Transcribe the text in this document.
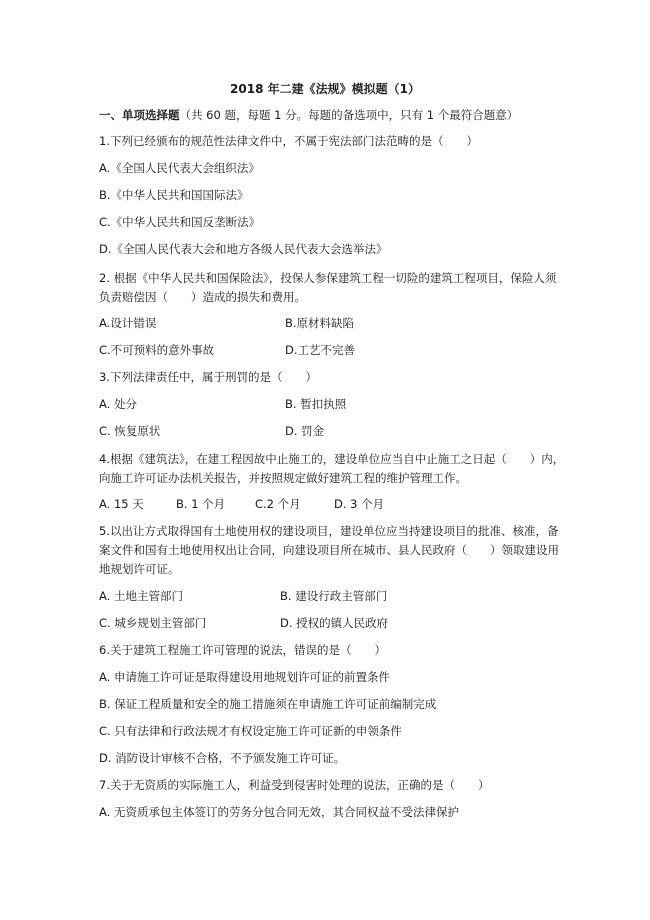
2018 年二建《法规》模拟题（1）
一、单项选择题（共 60 题，每题 1 分。每题的备选项中，只有 1 个最符合题意）
1.下列已经颁布的规范性法律文件中，不属于宪法部门法范畴的是（　　）
A.《全国人民代表大会组织法》
B.《中华人民共和国国际法》
C.《中华人民共和国反垄断法》
D.《全国人民代表大会和地方各级人民代表大会选举法》
2. 根据《中华人民共和国保险法》，投保人参保建筑工程一切险的建筑工程项目，保险人须
负责赔偿因（　　）造成的损失和费用。
A.设计错误	B.原材料缺陷
C.不可预料的意外事故	D.工艺不完善
3.下列法律责任中，属于刑罚的是（　　）
A. 处分	B. 暂扣执照
C. 恢复原状	D. 罚金
4.根据《建筑法》，在建工程因故中止施工的，建设单位应当自中止施工之日起（　　）内，
向施工许可证办法机关报告，并按照规定做好建筑工程的维护管理工作。
A. 15 天	B. 1 个月	C.2 个月	D. 3 个月
5.以出让方式取得国有土地使用权的建设项目，建设单位应当持建设项目的批准、核准，备
案文件和国有土地使用权出让合同，向建设项目所在城市、县人民政府（　　）领取建设用
地规划许可证。
A. 土地主管部门	B. 建设行政主管部门
C. 城乡规划主管部门	D. 授权的镇人民政府
6.关于建筑工程施工许可管理的说法，错误的是（　　）
A. 申请施工许可证是取得建设用地规划许可证的前置条件
B. 保证工程质量和安全的施工措施须在申请施工许可证前编制完成
C. 只有法律和行政法规才有权设定施工许可证新的申领条件
D. 消防设计审核不合格，不予颁发施工许可证。
7.关于无资质的实际施工人，利益受到侵害时处理的说法，正确的是（　　）
A. 无资质承包主体签订的劳务分包合同无效，其合同权益不受法律保护
